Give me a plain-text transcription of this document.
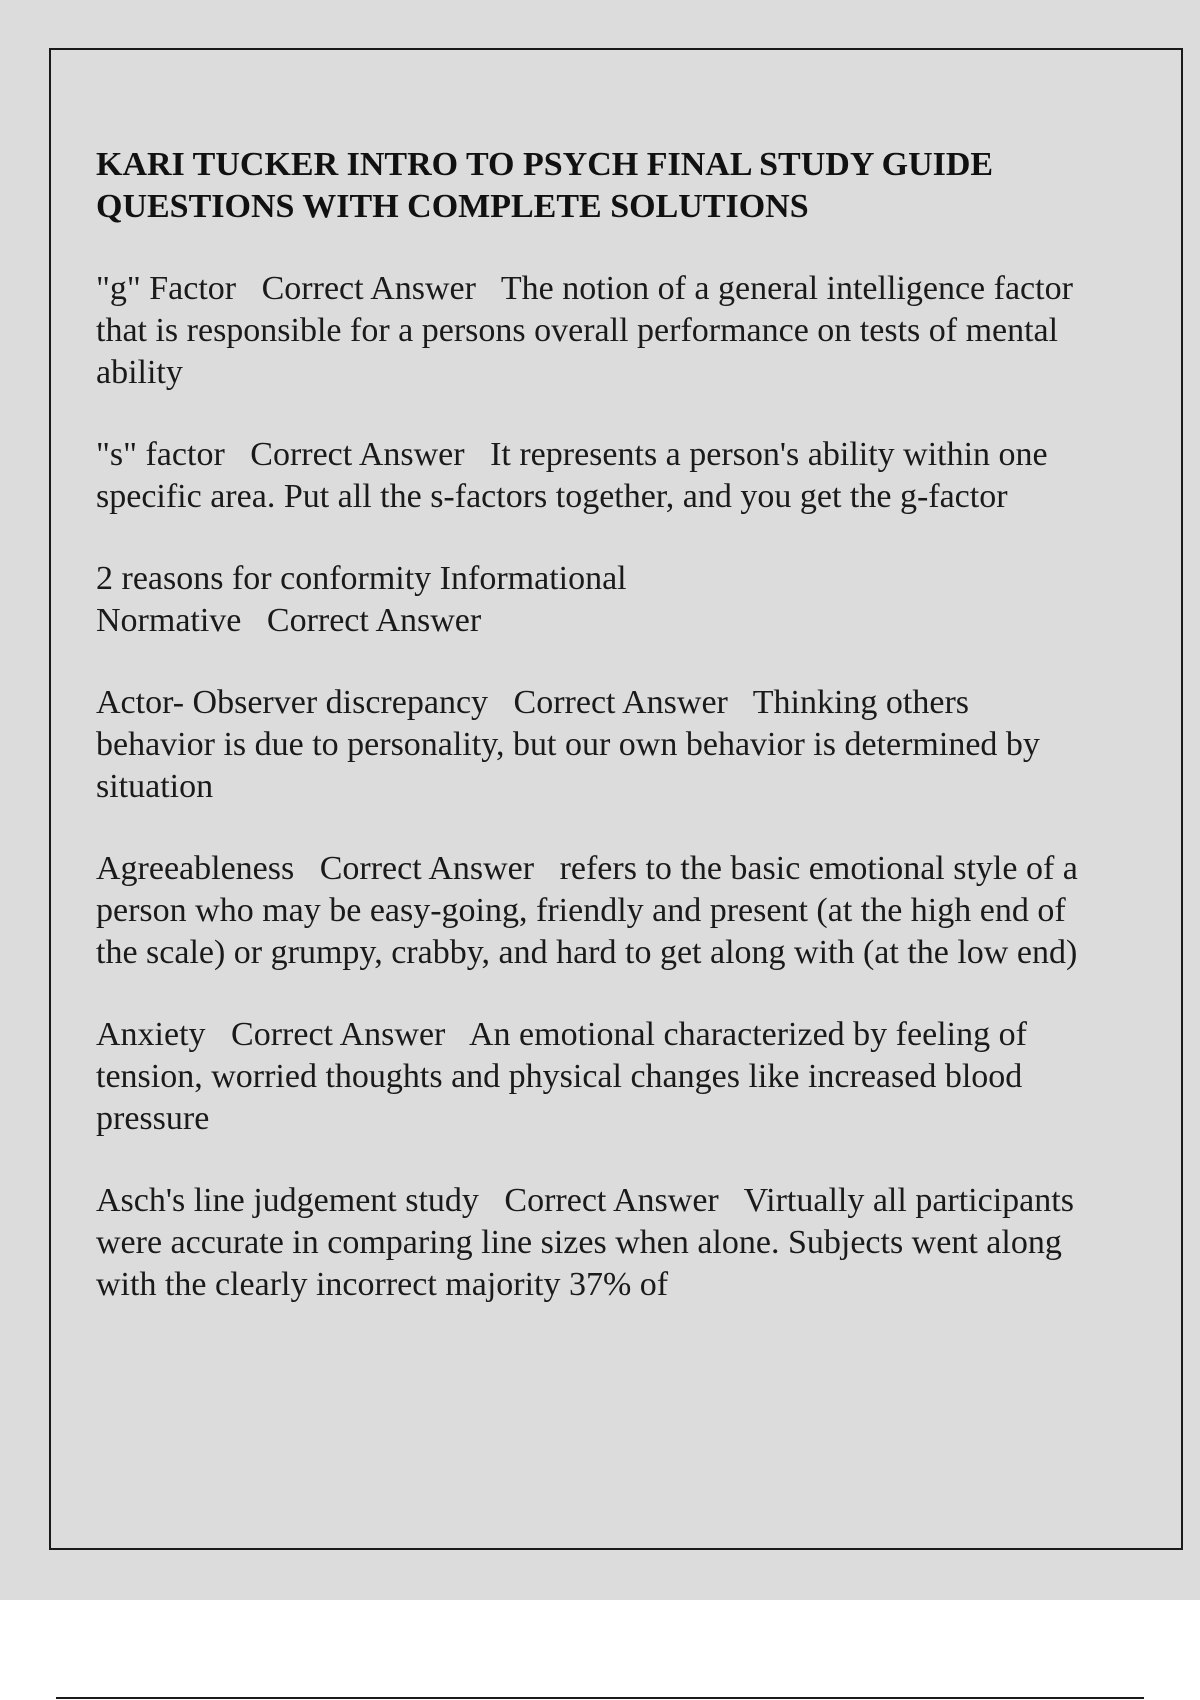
KARI TUCKER INTRO TO PSYCH FINAL STUDY GUIDE QUESTIONS WITH COMPLETE SOLUTIONS

"g" Factor   Correct Answer   The notion of a general intelligence factor that is responsible for a persons overall performance on tests of mental ability

"s" factor   Correct Answer   It represents a person's ability within one specific area. Put all the s-factors together, and you get the g-factor

2 reasons for conformity Informational
Normative   Correct Answer

Actor- Observer discrepancy   Correct Answer   Thinking others behavior is due to personality, but our own behavior is determined by situation

Agreeableness   Correct Answer   refers to the basic emotional style of a person who may be easy-going, friendly and present (at the high end of the scale) or grumpy, crabby, and hard to get along with (at the low end)

Anxiety   Correct Answer   An emotional characterized by feeling of tension, worried thoughts and physical changes like increased blood pressure

Asch's line judgement study   Correct Answer   Virtually all participants were accurate in comparing line sizes when alone. Subjects went along with the clearly incorrect majority 37% of
